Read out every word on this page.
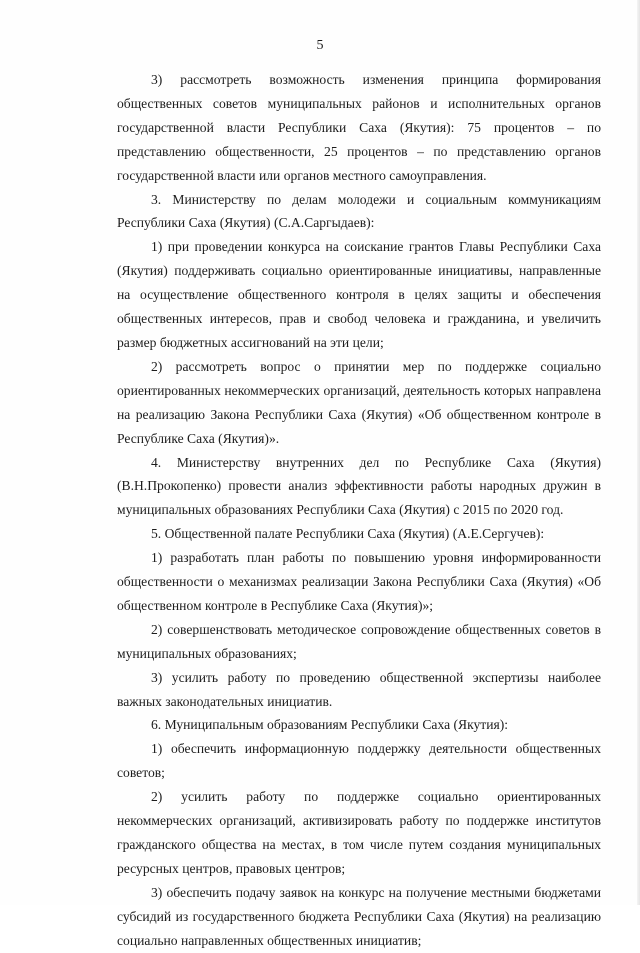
5

3) рассмотреть возможность изменения принципа формирования общественных советов муниципальных районов и исполнительных органов государственной власти Республики Саха (Якутия): 75 процентов – по представлению общественности, 25 процентов – по представлению органов государственной власти или органов местного самоуправления.

3. Министерству по делам молодежи и социальным коммуникациям Республики Саха (Якутия) (С.А.Саргыдаев):

1) при проведении конкурса на соискание грантов Главы Республики Саха (Якутия) поддерживать социально ориентированные инициативы, направленные на осуществление общественного контроля в целях защиты и обеспечения общественных интересов, прав и свобод человека и гражданина, и увеличить размер бюджетных ассигнований на эти цели;

2) рассмотреть вопрос о принятии мер по поддержке социально ориентированных некоммерческих организаций, деятельность которых направлена на реализацию Закона Республики Саха (Якутия) «Об общественном контроле в Республике Саха (Якутия)».

4. Министерству внутренних дел по Республике Саха (Якутия) (В.Н.Прокопенко) провести анализ эффективности работы народных дружин в муниципальных образованиях Республики Саха (Якутия) с 2015 по 2020 год.

5. Общественной палате Республики Саха (Якутия) (А.Е.Сергучев):

1) разработать план работы по повышению уровня информированности общественности о механизмах реализации Закона Республики Саха (Якутия) «Об общественном контроле в Республике Саха (Якутия)»;

2) совершенствовать методическое сопровождение общественных советов в муниципальных образованиях;

3) усилить работу по проведению общественной экспертизы наиболее важных законодательных инициатив.

6. Муниципальным образованиям Республики Саха (Якутия):

1) обеспечить информационную поддержку деятельности общественных советов;

2) усилить работу по поддержке социально ориентированных некоммерческих организаций, активизировать работу по поддержке институтов гражданского общества на местах, в том числе путем создания муниципальных ресурсных центров, правовых центров;

3) обеспечить подачу заявок на конкурс на получение местными бюджетами субсидий из государственного бюджета Республики Саха (Якутия) на реализацию социально направленных общественных инициатив;
